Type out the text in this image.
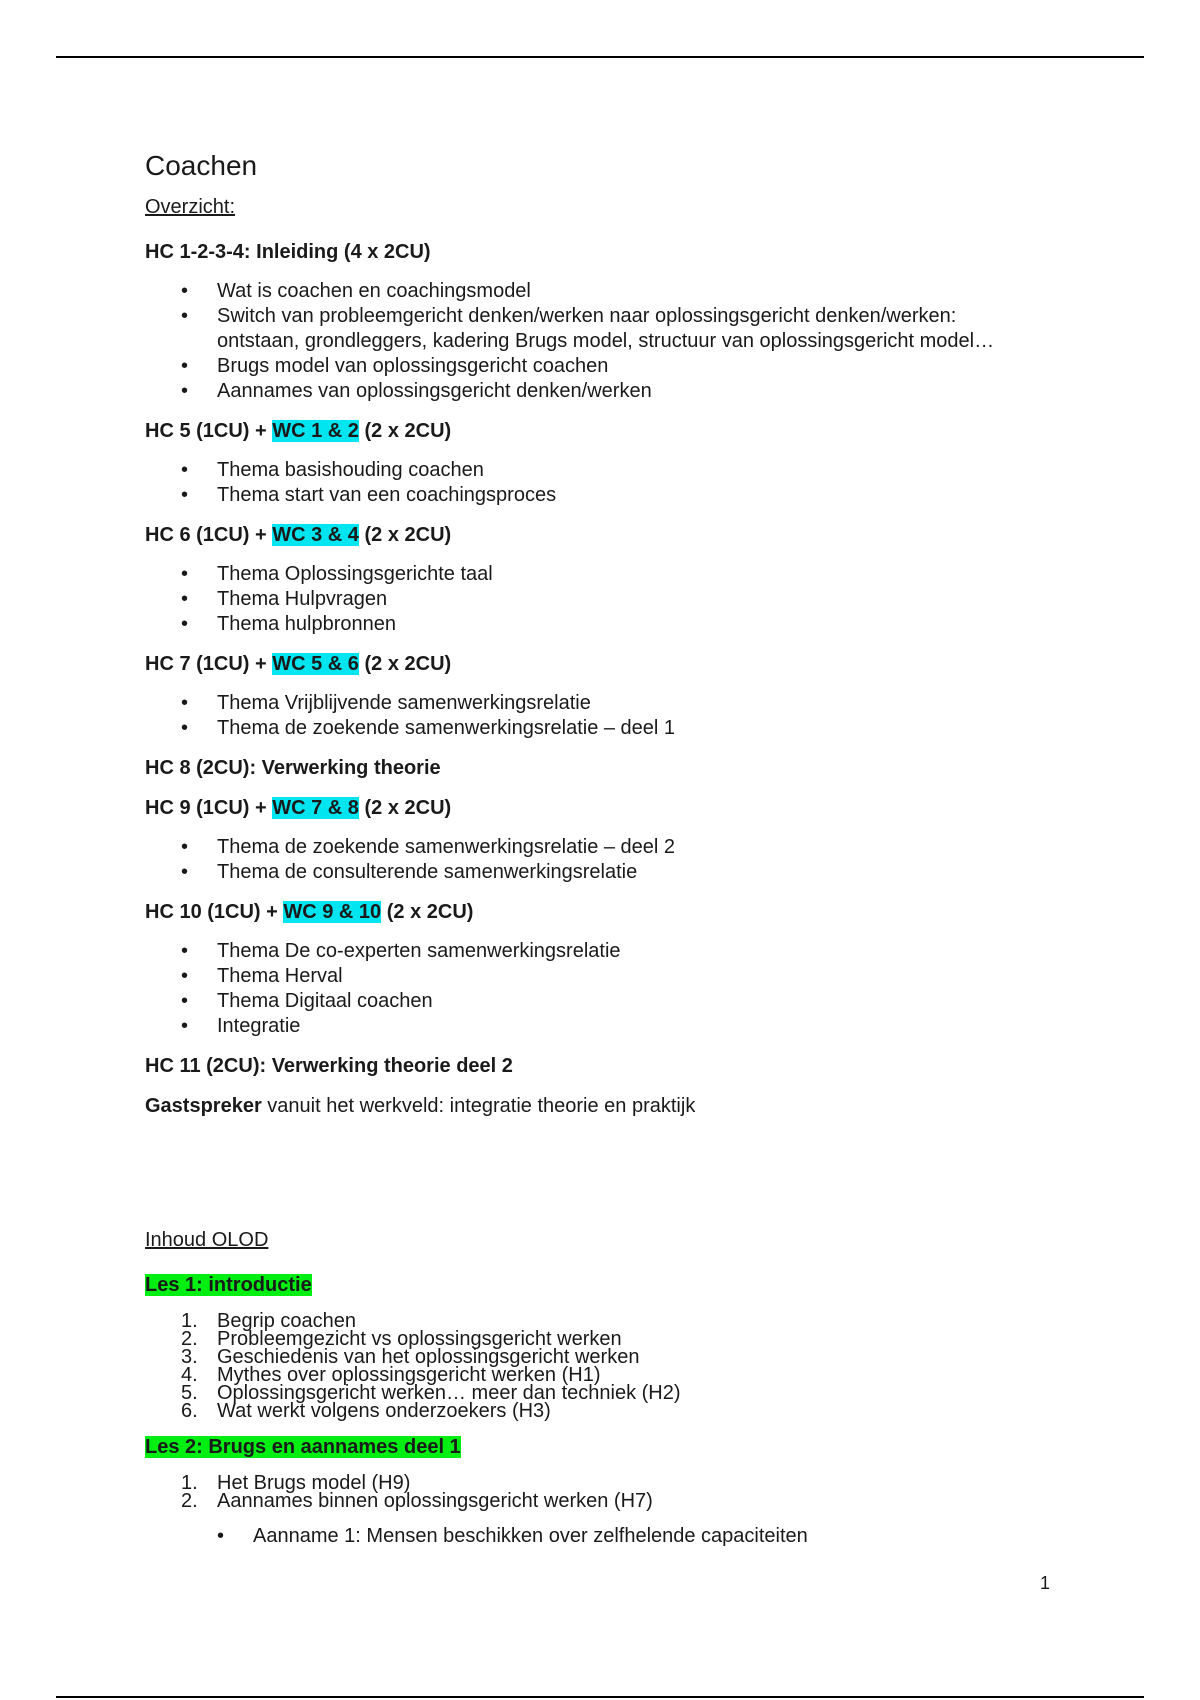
Coachen
Overzicht:
HC 1-2-3-4: Inleiding (4 x 2CU)
• Wat is coachen en coachingsmodel
• Switch van probleemgericht denken/werken naar oplossingsgericht denken/werken:
ontstaan, grondleggers, kadering Brugs model, structuur van oplossingsgericht model…
• Brugs model van oplossingsgericht coachen
• Aannames van oplossingsgericht denken/werken
HC 5 (1CU) + WC 1 & 2 (2 x 2CU)
• Thema basishouding coachen
• Thema start van een coachingsproces
HC 6 (1CU) + WC 3 & 4 (2 x 2CU)
• Thema Oplossingsgerichte taal
• Thema Hulpvragen
• Thema hulpbronnen
HC 7 (1CU) + WC 5 & 6 (2 x 2CU)
• Thema Vrijblijvende samenwerkingsrelatie
• Thema de zoekende samenwerkingsrelatie – deel 1
HC 8 (2CU): Verwerking theorie
HC 9 (1CU) + WC 7 & 8 (2 x 2CU)
• Thema de zoekende samenwerkingsrelatie – deel 2
• Thema de consulterende samenwerkingsrelatie
HC 10 (1CU) + WC 9 & 10 (2 x 2CU)
• Thema De co-experten samenwerkingsrelatie
• Thema Herval
• Thema Digitaal coachen
• Integratie
HC 11 (2CU): Verwerking theorie deel 2
Gastspreker vanuit het werkveld: integratie theorie en praktijk
Inhoud OLOD
Les 1: introductie
1. Begrip coachen
2. Probleemgezicht vs oplossingsgericht werken
3. Geschiedenis van het oplossingsgericht werken
4. Mythes over oplossingsgericht werken (H1)
5. Oplossingsgericht werken… meer dan techniek (H2)
6. Wat werkt volgens onderzoekers (H3)
Les 2: Brugs en aannames deel 1
1. Het Brugs model (H9)
2. Aannames binnen oplossingsgericht werken (H7)
• Aanname 1: Mensen beschikken over zelfhelende capaciteiten
1
